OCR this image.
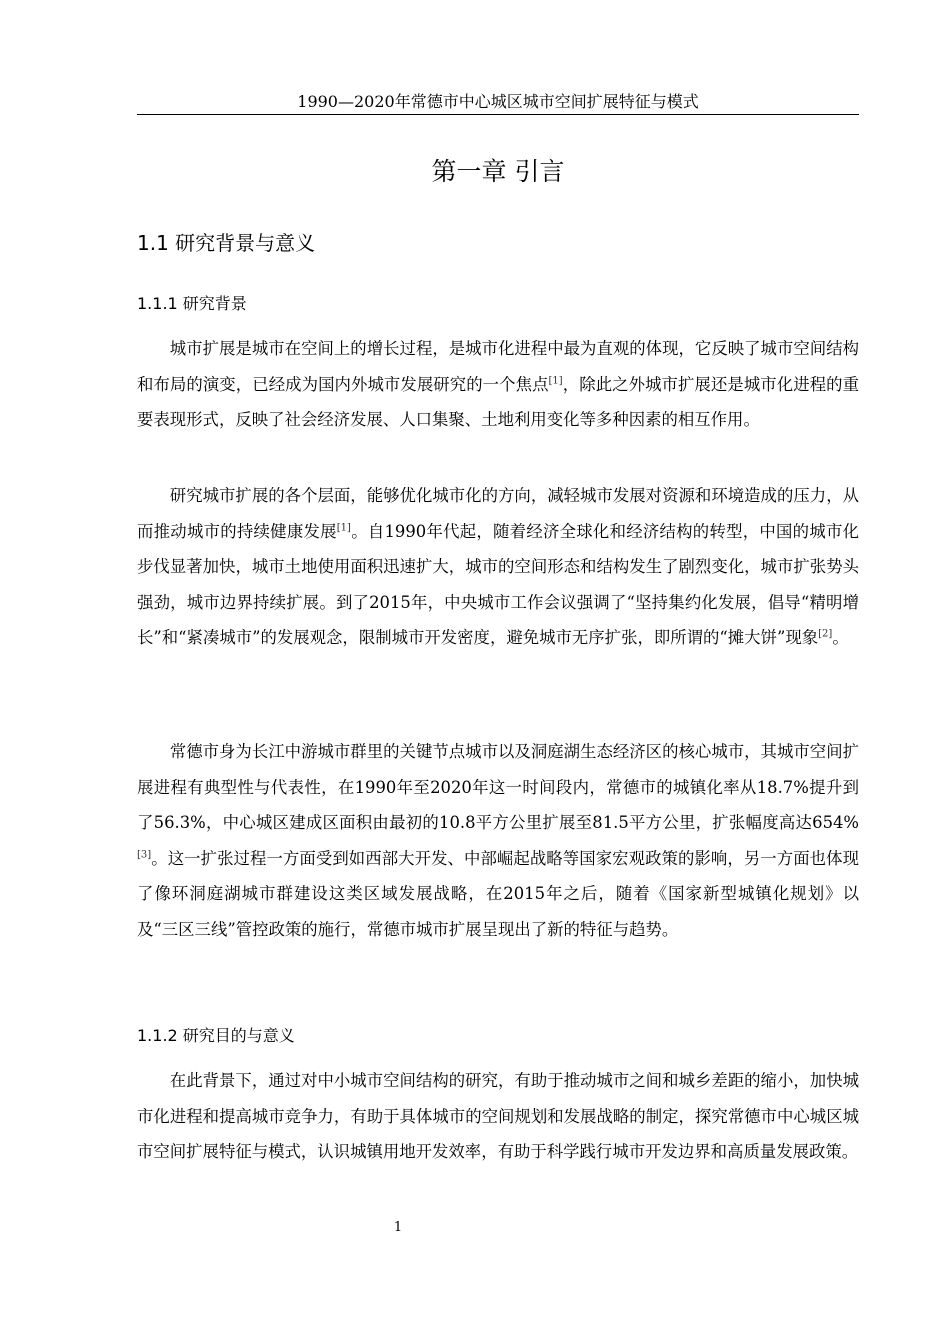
1990—2020年常德市中心城区城市空间扩展特征与模式
第一章 引言
1.1 研究背景与意义
1.1.1 研究背景

城市扩展是城市在空间上的增长过程，是城市化进程中最为直观的体现，它反映了城市空间结构和布局的演变，已经成为国内外城市发展研究的一个焦点[1]，除此之外城市扩展还是城市化进程的重要表现形式，反映了社会经济发展、人口集聚、土地利用变化等多种因素的相互作用。

研究城市扩展的各个层面，能够优化城市化的方向，减轻城市发展对资源和环境造成的压力，从而推动城市的持续健康发展[1]。自1990年代起，随着经济全球化和经济结构的转型，中国的城市化步伐显著加快，城市土地使用面积迅速扩大，城市的空间形态和结构发生了剧烈变化，城市扩张势头强劲，城市边界持续扩展。到了2015年，中央城市工作会议强调了“坚持集约化发展，倡导“精明增长”和“紧凑城市”的发展观念，限制城市开发密度，避免城市无序扩张，即所谓的“摊大饼”现象[2]。

常德市身为长江中游城市群里的关键节点城市以及洞庭湖生态经济区的核心城市，其城市空间扩展进程有典型性与代表性，在1990年至2020年这一时间段内，常德市的城镇化率从18.7%提升到了56.3%，中心城区建成区面积由最初的10.8平方公里扩展至81.5平方公里，扩张幅度高达654%[3]。这一扩张过程一方面受到如西部大开发、中部崛起战略等国家宏观政策的影响，另一方面也体现了像环洞庭湖城市群建设这类区域发展战略，在2015年之后，随着《国家新型城镇化规划》以及“三区三线”管控政策的施行，常德市城市扩展呈现出了新的特征与趋势。

1.1.2 研究目的与意义

在此背景下，通过对中小城市空间结构的研究，有助于推动城市之间和城乡差距的缩小，加快城市化进程和提高城市竞争力，有助于具体城市的空间规划和发展战略的制定，探究常德市中心城区城市空间扩展特征与模式，认识城镇用地开发效率，有助于科学践行城市开发边界和高质量发展政策。

1
